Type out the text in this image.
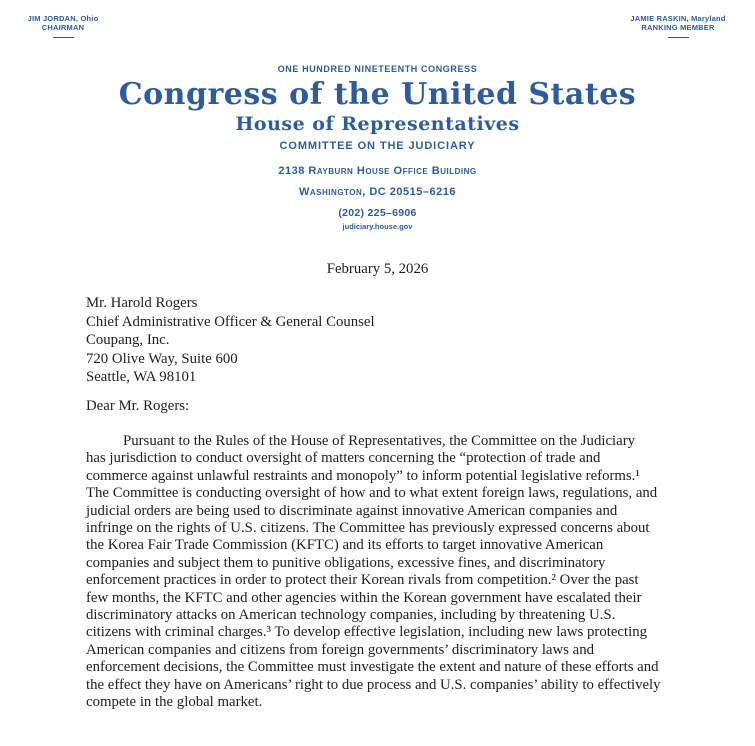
JIM JORDAN, Ohio
CHAIRMAN
JAMIE RASKIN, Maryland
RANKING MEMBER
ONE HUNDRED NINETEENTH CONGRESS
Congress of the United States
House of Representatives
COMMITTEE ON THE JUDICIARY
2138 Rayburn House Office Building
Washington, DC 20515–6216
(202) 225–6906
judiciary.house.gov
February 5, 2026
Mr. Harold Rogers
Chief Administrative Officer & General Counsel
Coupang, Inc.
720 Olive Way, Suite 600
Seattle, WA 98101
Dear Mr. Rogers:
Pursuant to the Rules of the House of Representatives, the Committee on the Judiciary
has jurisdiction to conduct oversight of matters concerning the “protection of trade and
commerce against unlawful restraints and monopoly” to inform potential legislative reforms.¹
The Committee is conducting oversight of how and to what extent foreign laws, regulations, and
judicial orders are being used to discriminate against innovative American companies and
infringe on the rights of U.S. citizens. The Committee has previously expressed concerns about
the Korea Fair Trade Commission (KFTC) and its efforts to target innovative American
companies and subject them to punitive obligations, excessive fines, and discriminatory
enforcement practices in order to protect their Korean rivals from competition.² Over the past
few months, the KFTC and other agencies within the Korean government have escalated their
discriminatory attacks on American technology companies, including by threatening U.S.
citizens with criminal charges.³ To develop effective legislation, including new laws protecting
American companies and citizens from foreign governments’ discriminatory laws and
enforcement decisions, the Committee must investigate the extent and nature of these efforts and
the effect they have on Americans’ right to due process and U.S. companies’ ability to effectively
compete in the global market.
